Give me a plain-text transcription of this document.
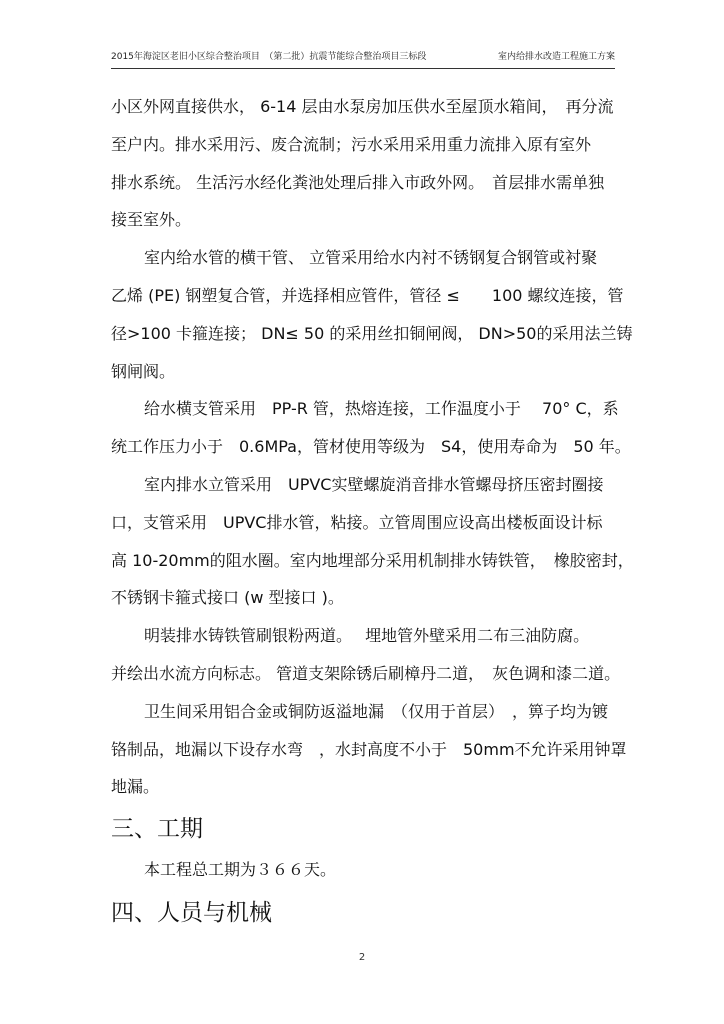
2015年海淀区老旧小区综合整治项目　（第二批）抗震节能综合整治项目三标段	室内给排水改造工程施工方案

小区外网直接供水， 6-14 层由水泵房加压供水至屋顶水箱间，　再分流

至户内。排水采用污、废合流制；污水采用采用重力流排入原有室外

排水系统。 生活污水经化粪池处理后排入市政外网。　首层排水需单独

接至室外。

室内给水管的横干管、 立管采用给水内衬不锈钢复合钢管或衬聚

乙烯 (PE) 钢塑复合管，并选择相应管件，管径 ≤　　100 螺纹连接，管

径>100 卡箍连接； DN≤ 50 的采用丝扣铜闸阀， DN>50的采用法兰铸

钢闸阀。

给水横支管采用　PP-R 管，热熔连接，工作温度小于　 70° C，系

统工作压力小于　0.6MPa，管材使用等级为　S4，使用寿命为　50 年。

室内排水立管采用　UPVC实壁螺旋消音排水管螺母挤压密封圈接

口，支管采用　UPVC排水管，粘接。立管周围应设高出楼板面设计标

高 10-20mm的阻水圈。室内地埋部分采用机制排水铸铁管，　橡胶密封，

不锈钢卡箍式接口 (w 型接口 )。

明装排水铸铁管刷银粉两道。　 埋地管外壁采用二布三油防腐。

并绘出水流方向标志。 管道支架除锈后刷樟丹二道，　灰色调和漆二道。

卫生间采用铝合金或铜防返溢地漏　（仅用于首层）　，箅子均为镀

铬制品，地漏以下设存水弯　，水封高度不小于　50mm不允许采用钟罩

地漏。

三、工期

本工程总工期为３６６天。

四、人员与机械
2
